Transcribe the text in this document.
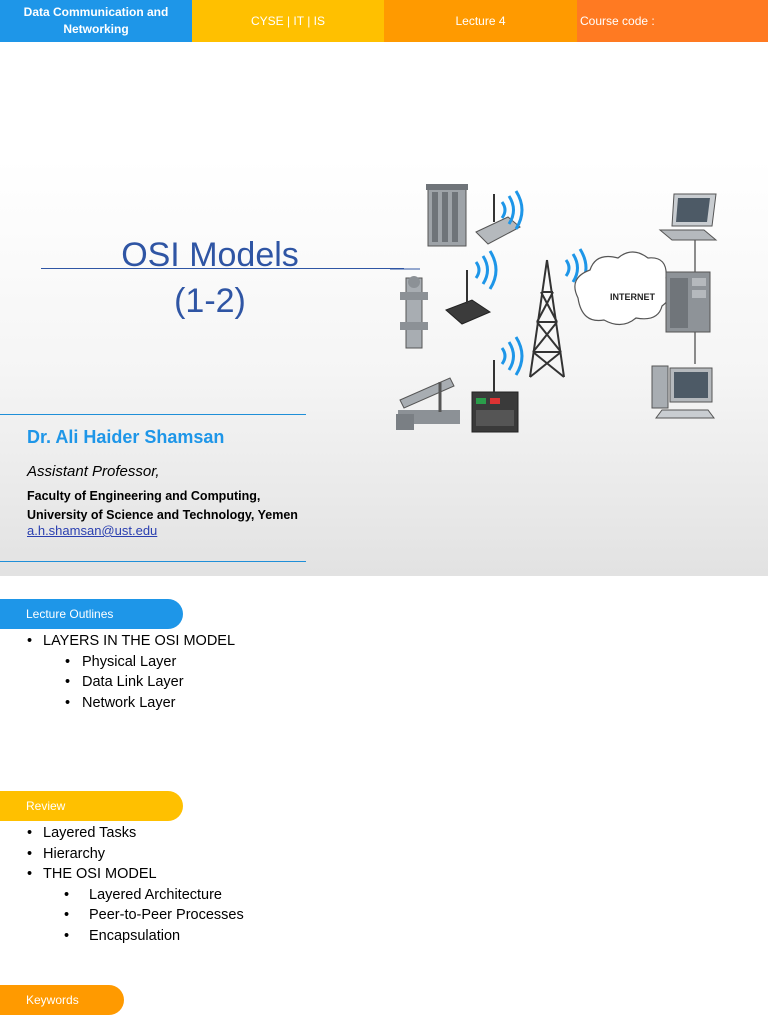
Data Communication and Networking
CYSE | IT | IS	Lecture 4	Course code :
OSI Models
(1-2)
Dr. Ali Haider Shamsan
Assistant Professor,
Faculty of Engineering and Computing,
University of Science and Technology, Yemen
a.h.shamsan@ust.edu
INTERNET
Lecture Outlines
• LAYERS IN THE OSI MODEL
• Physical Layer
• Data Link Layer
• Network Layer
Review
• Layered Tasks
• Hierarchy
• THE OSI MODEL
• Layered Architecture
• Peer-to-Peer Processes
• Encapsulation
Keywords
